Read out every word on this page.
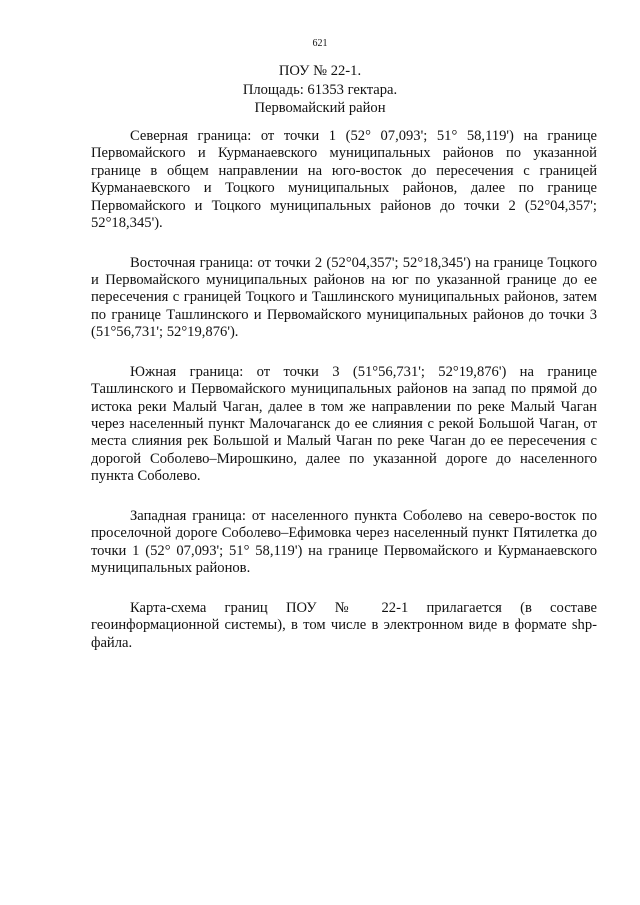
621
ПОУ № 22-1.
Площадь: 61353 гектара.
Первомайский район

Северная граница: от точки 1 (52° 07,093'; 51° 58,119') на границе Первомайского и Курманаевского муниципальных районов по указанной границе в общем направлении на юго-восток до пересечения с границей Курманаевского и Тоцкого муниципальных районов, далее по границе Первомайского и Тоцкого муниципальных районов до точки 2 (52°04,357'; 52°18,345').

Восточная граница: от точки 2 (52°04,357'; 52°18,345') на границе Тоцкого и Первомайского муниципальных районов на юг по указанной границе до ее пересечения с границей Тоцкого и Ташлинского муниципальных районов, затем по границе Ташлинского и Первомайского муниципальных районов до точки 3 (51°56,731'; 52°19,876').

Южная граница: от точки 3 (51°56,731'; 52°19,876') на границе Ташлинского и Первомайского муниципальных районов на запад по прямой до истока реки Малый Чаган, далее в том же направлении по реке Малый Чаган через населенный пункт Малочаганск до ее слияния с рекой Большой Чаган, от места слияния рек Большой и Малый Чаган по реке Чаган до ее пересечения с дорогой Соболево–Мирошкино, далее по указанной дороге до населенного пункта Соболево.

Западная граница: от населенного пункта Соболево на северо-восток по проселочной дороге Соболево–Ефимовка через населенный пункт Пятилетка до точки 1 (52° 07,093'; 51° 58,119') на границе Первомайского и Курманаевского муниципальных районов.

Карта-схема границ ПОУ № 22-1 прилагается (в составе геоинформационной системы), в том числе в электронном виде в формате shp-файла.
